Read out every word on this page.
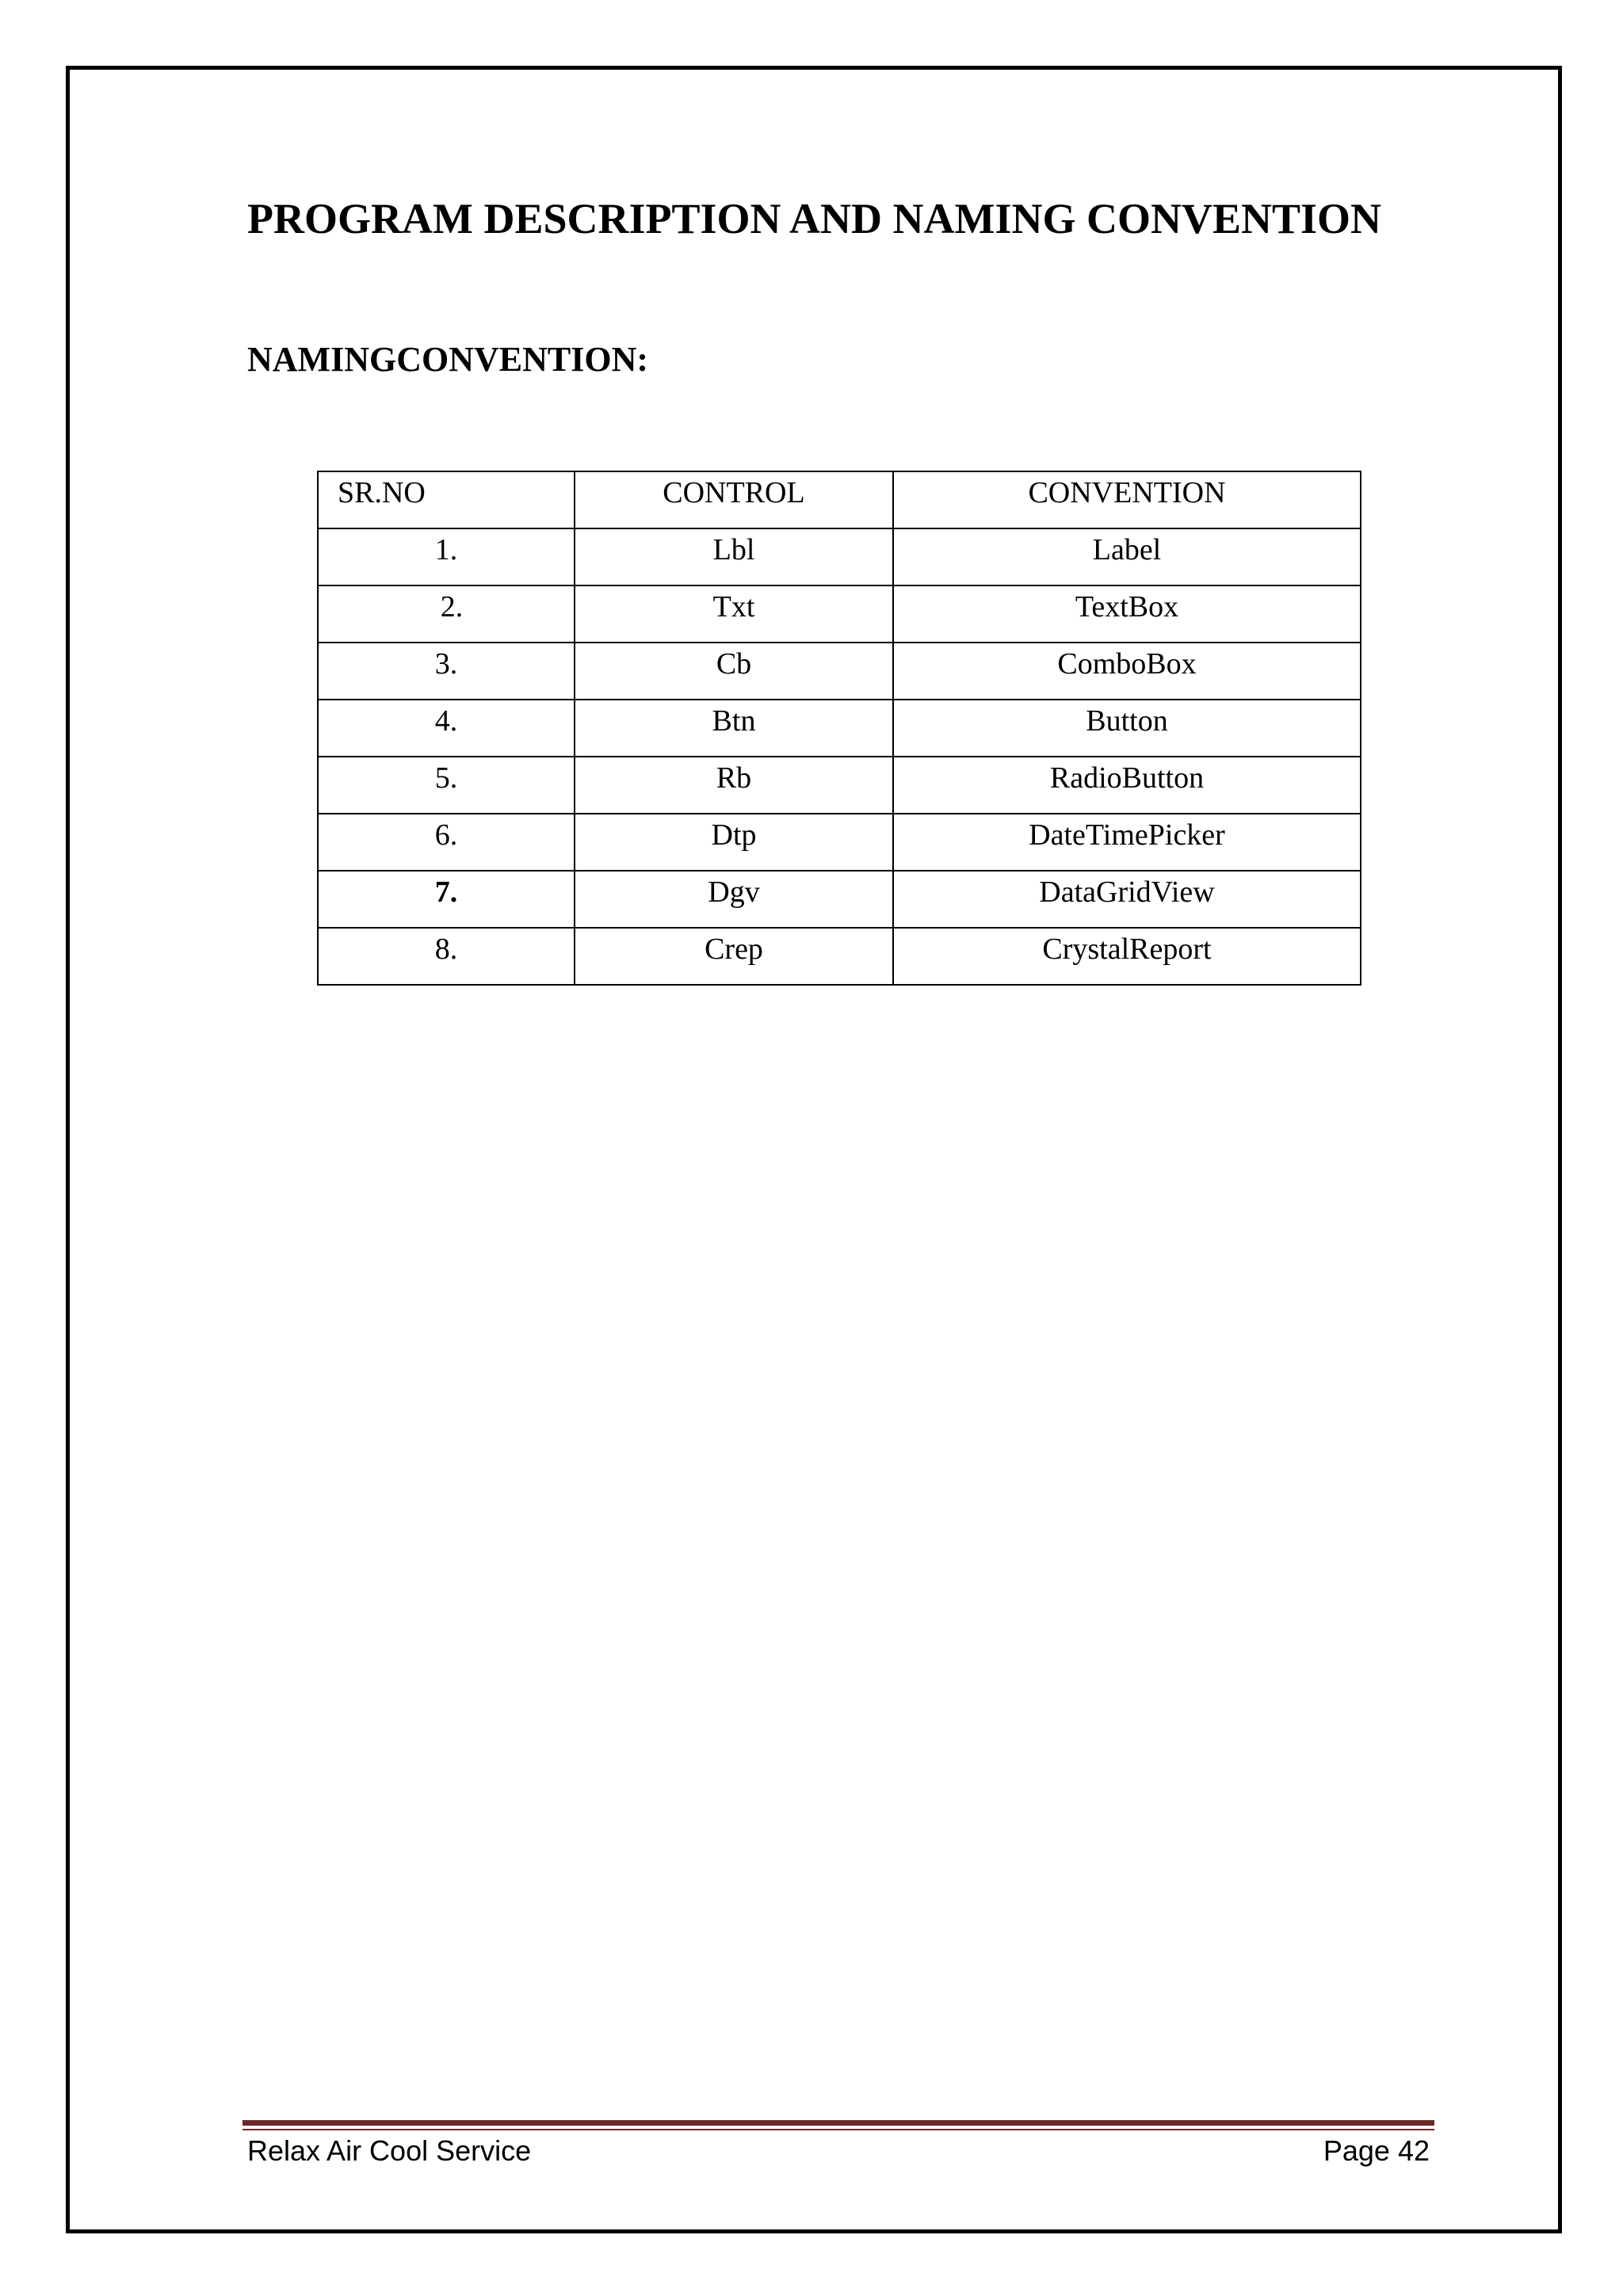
PROGRAM DESCRIPTION AND NAMING CONVENTION
NAMINGCONVENTION:
SR.NO	CONTROL	CONVENTION
1.	Lbl	Label
2.	Txt	TextBox
3.	Cb	ComboBox
4.	Btn	Button
5.	Rb	RadioButton
6.	Dtp	DateTimePicker
7.	Dgv	DataGridView
8.	Crep	CrystalReport
Relax Air Cool Service	Page 42
